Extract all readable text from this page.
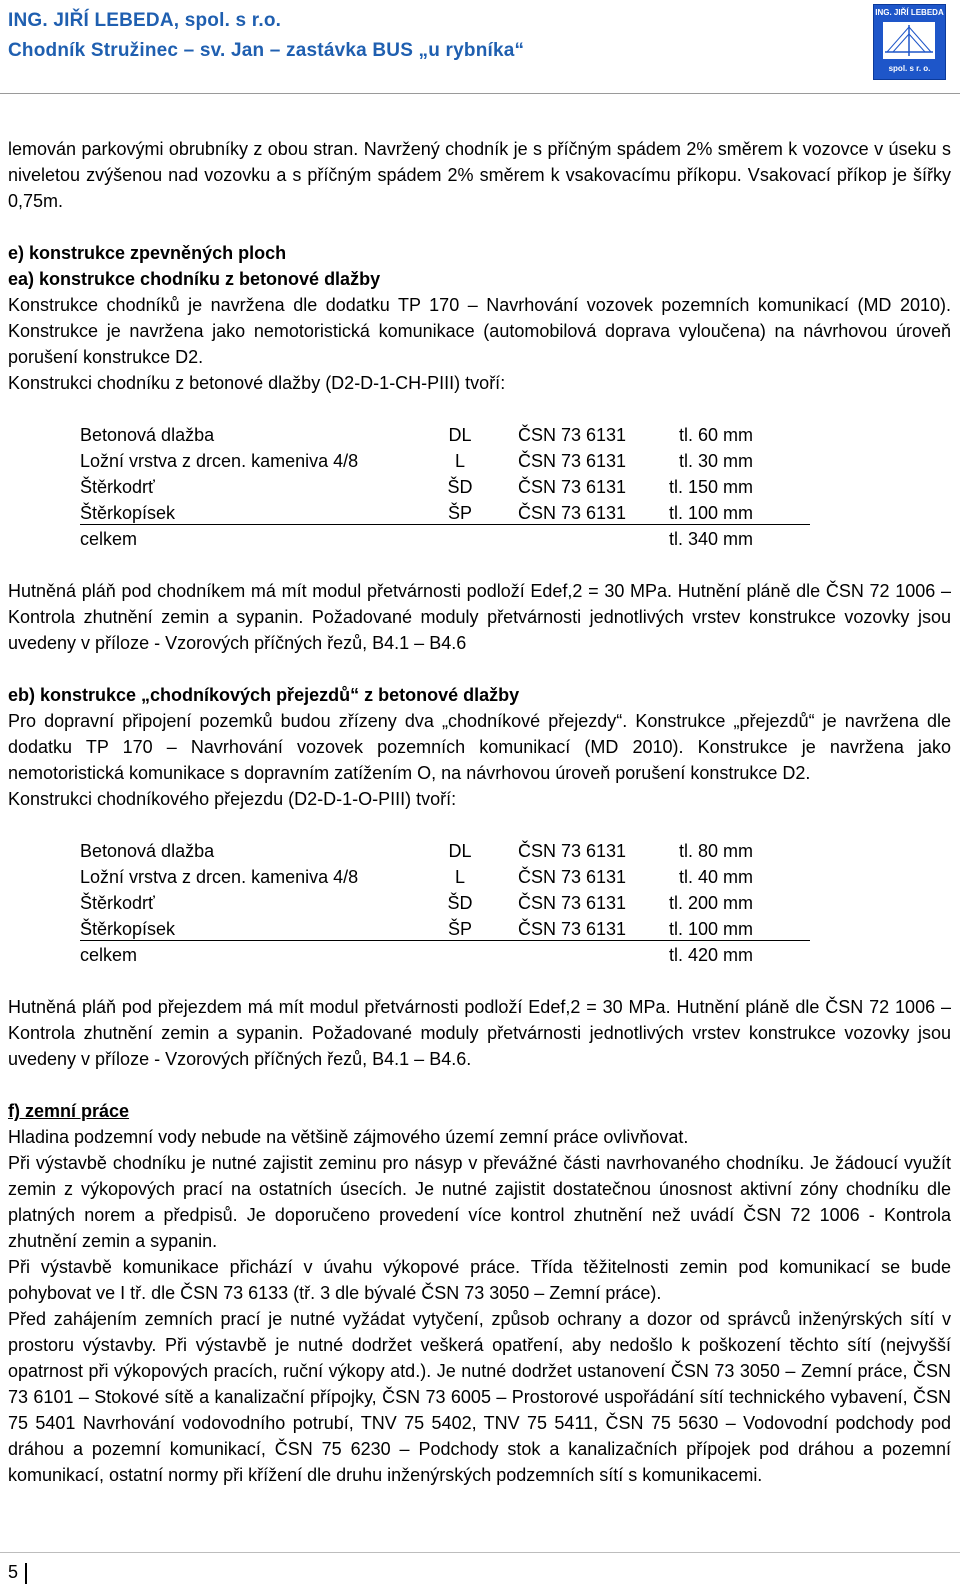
ING. JIŘÍ LEBEDA, spol. s r.o.
Chodník Stružinec – sv. Jan – zastávka BUS „u rybníka“
ING. JIŘÍ LEBEDA
spol. s r. o.

lemován parkovými obrubníky z obou stran. Navržený chodník je s příčným spádem 2% směrem k vozovce v úseku s niveletou zvýšenou nad vozovku a s příčným spádem 2% směrem k vsakovacímu příkopu. Vsakovací příkop je šířky 0,75m.

e) konstrukce zpevněných ploch

ea) konstrukce chodníku z betonové dlažby

Konstrukce chodníků je navržena dle dodatku TP 170 – Navrhování vozovek pozemních komunikací (MD 2010). Konstrukce je navržena jako nemotoristická komunikace (automobilová doprava vyloučena) na návrhovou úroveň porušení konstrukce D2.

Konstrukci chodníku z betonové dlažby (D2-D-1-CH-PIII) tvoří:

Betonová dlažba	DL	ČSN 73 6131	tl. 60 mm
Ložní vrstva z drcen. kameniva 4/8	L	ČSN 73 6131	tl. 30 mm
Štěrkodrť	ŠD	ČSN 73 6131	tl. 150 mm
Štěrkopísek	ŠP	ČSN 73 6131	tl. 100 mm
celkem	tl. 340 mm

Hutněná pláň pod chodníkem má mít modul přetvárnosti podloží Edef,2 = 30 MPa. Hutnění pláně dle ČSN 72 1006 – Kontrola zhutnění zemin a sypanin. Požadované moduly přetvárnosti jednotlivých vrstev konstrukce vozovky jsou uvedeny v příloze - Vzorových příčných řezů, B4.1 – B4.6

eb) konstrukce „chodníkových přejezdů“ z betonové dlažby

Pro dopravní připojení pozemků budou zřízeny dva „chodníkové přejezdy“. Konstrukce „přejezdů“ je navržena dle dodatku TP 170 – Navrhování vozovek pozemních komunikací (MD 2010). Konstrukce je navržena jako nemotoristická komunikace s dopravním zatížením O, na návrhovou úroveň porušení konstrukce D2.

Konstrukci chodníkového přejezdu (D2-D-1-O-PIII) tvoří:

Betonová dlažba	DL	ČSN 73 6131	tl. 80 mm
Ložní vrstva z drcen. kameniva 4/8	L	ČSN 73 6131	tl. 40 mm
Štěrkodrť	ŠD	ČSN 73 6131	tl. 200 mm
Štěrkopísek	ŠP	ČSN 73 6131	tl. 100 mm
celkem	tl. 420 mm

Hutněná pláň pod přejezdem má mít modul přetvárnosti podloží Edef,2 = 30 MPa. Hutnění pláně dle ČSN 72 1006 – Kontrola zhutnění zemin a sypanin. Požadované moduly přetvárnosti jednotlivých vrstev konstrukce vozovky jsou uvedeny v příloze - Vzorových příčných řezů, B4.1 – B4.6.

f) zemní práce

Hladina podzemní vody nebude na většině zájmového území zemní práce ovlivňovat.

Při výstavbě chodníku je nutné zajistit zeminu pro násyp v převážné části navrhovaného chodníku. Je žádoucí využít zemin z výkopových prací na ostatních úsecích. Je nutné zajistit dostatečnou únosnost aktivní zóny chodníku dle platných norem a předpisů. Je doporučeno provedení více kontrol zhutnění než uvádí ČSN 72 1006 - Kontrola zhutnění zemin a sypanin.

Při výstavbě komunikace přichází v úvahu výkopové práce. Třída těžitelnosti zemin pod komunikací se bude pohybovat ve I tř. dle ČSN 73 6133 (tř. 3 dle bývalé ČSN 73 3050 – Zemní práce).

Před zahájením zemních prací je nutné vyžádat vytyčení, způsob ochrany a dozor od správců inženýrských sítí v prostoru výstavby. Při výstavbě je nutné dodržet veškerá opatření, aby nedošlo k poškození těchto sítí (nejvyšší opatrnost při výkopových pracích, ruční výkopy atd.). Je nutné dodržet ustanovení ČSN 73 3050 – Zemní práce, ČSN 73 6101 – Stokové sítě a kanalizační přípojky, ČSN 73 6005 – Prostorové uspořádání sítí technického vybavení, ČSN 75 5401 Navrhování vodovodního potrubí, TNV 75 5402, TNV 75 5411, ČSN 75 5630 – Vodovodní podchody pod dráhou a pozemní komunikací, ČSN 75 6230 – Podchody stok a kanalizačních přípojek pod dráhou a pozemní komunikací, ostatní normy při křížení dle druhu inženýrských podzemních sítí s komunikacemi.

5
